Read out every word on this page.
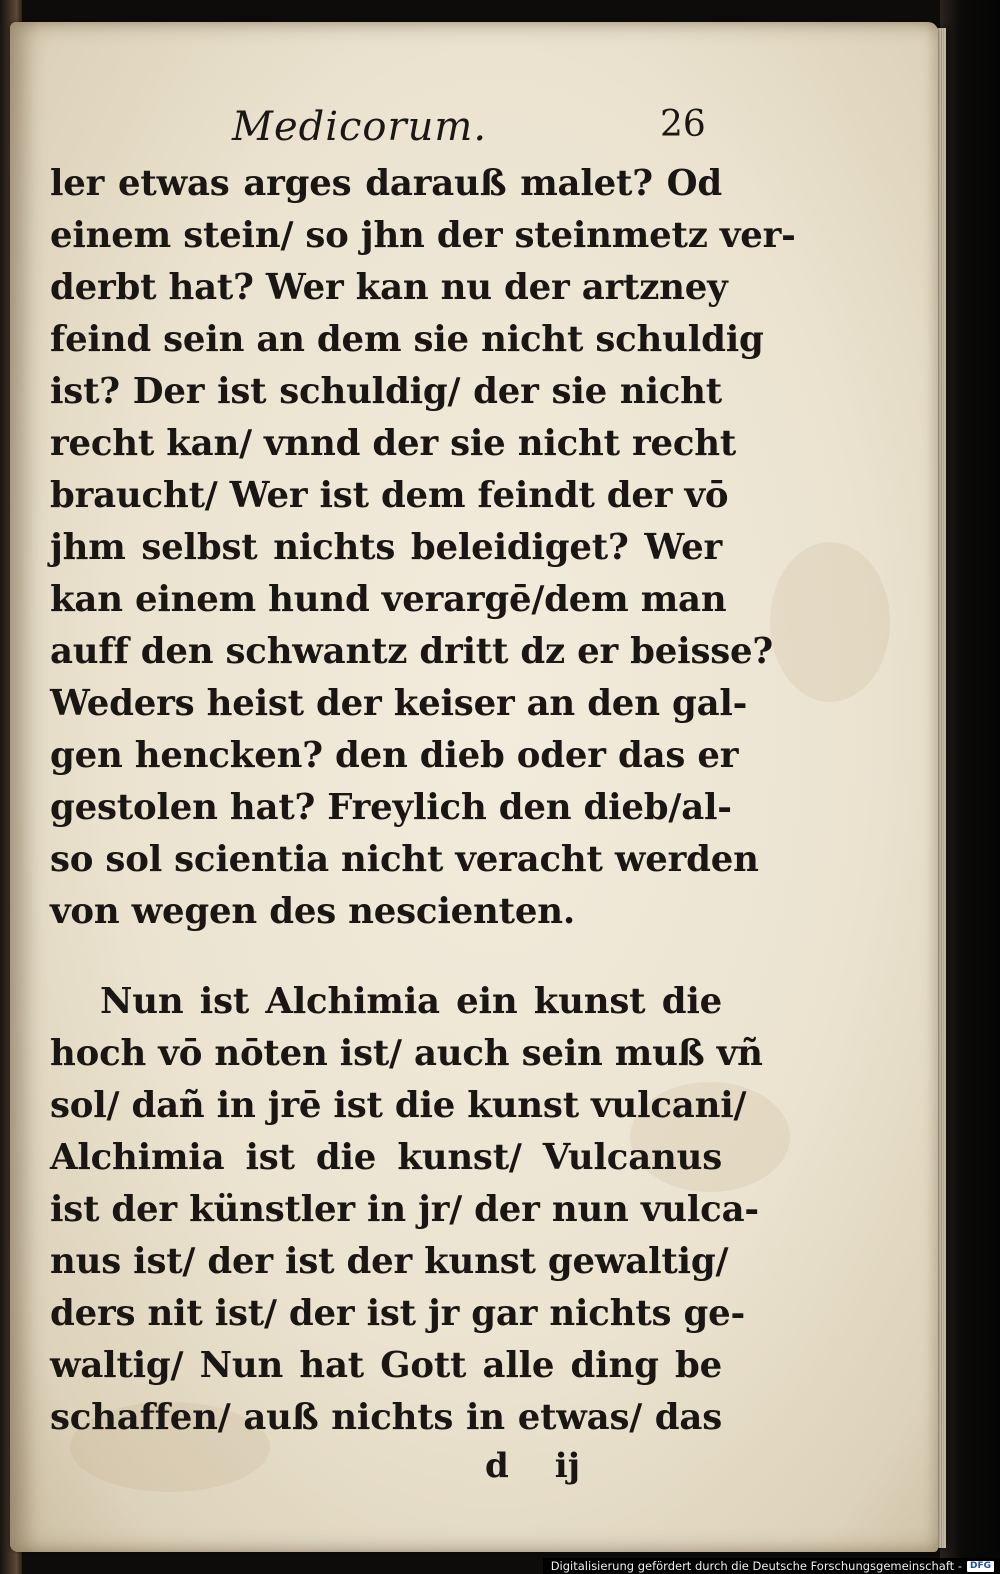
Medicorum.	26
ler etwas arges darauß malet? Od
einem stein/ so jhn der steinmetz ver-
derbt hat? Wer kan nu der artzney
feind sein an dem sie nicht schuldig
ist? Der ist schuldig/ der sie nicht
recht kan/ vnnd der sie nicht recht
braucht/ Wer ist dem feindt der vō
jhm selbst nichts beleidiget? Wer
kan einem hund verargē/dem man
auff den schwantz dritt dz er beisse?
Weders heist der keiser an den gal-
gen hencken? den dieb oder das er
gestolen hat? Freylich den dieb/al-
so sol scientia nicht veracht werden
von wegen des nescienten.
Nun ist Alchimia ein kunst die
hoch vō nōten ist/ auch sein muß vñ
sol/ dañ in jrē ist die kunst vulcani/
Alchimia ist die kunst/ Vulcanus
ist der künstler in jr/ der nun vulca-
nus ist/ der ist der kunst gewaltig/
ders nit ist/ der ist jr gar nichts ge-
waltig/ Nun hat Gott alle ding be
schaffen/ auß nichts in etwas/ das
d ij
Digitalisierung gefördert durch die Deutsche Forschungsgemeinschaft - DFG
